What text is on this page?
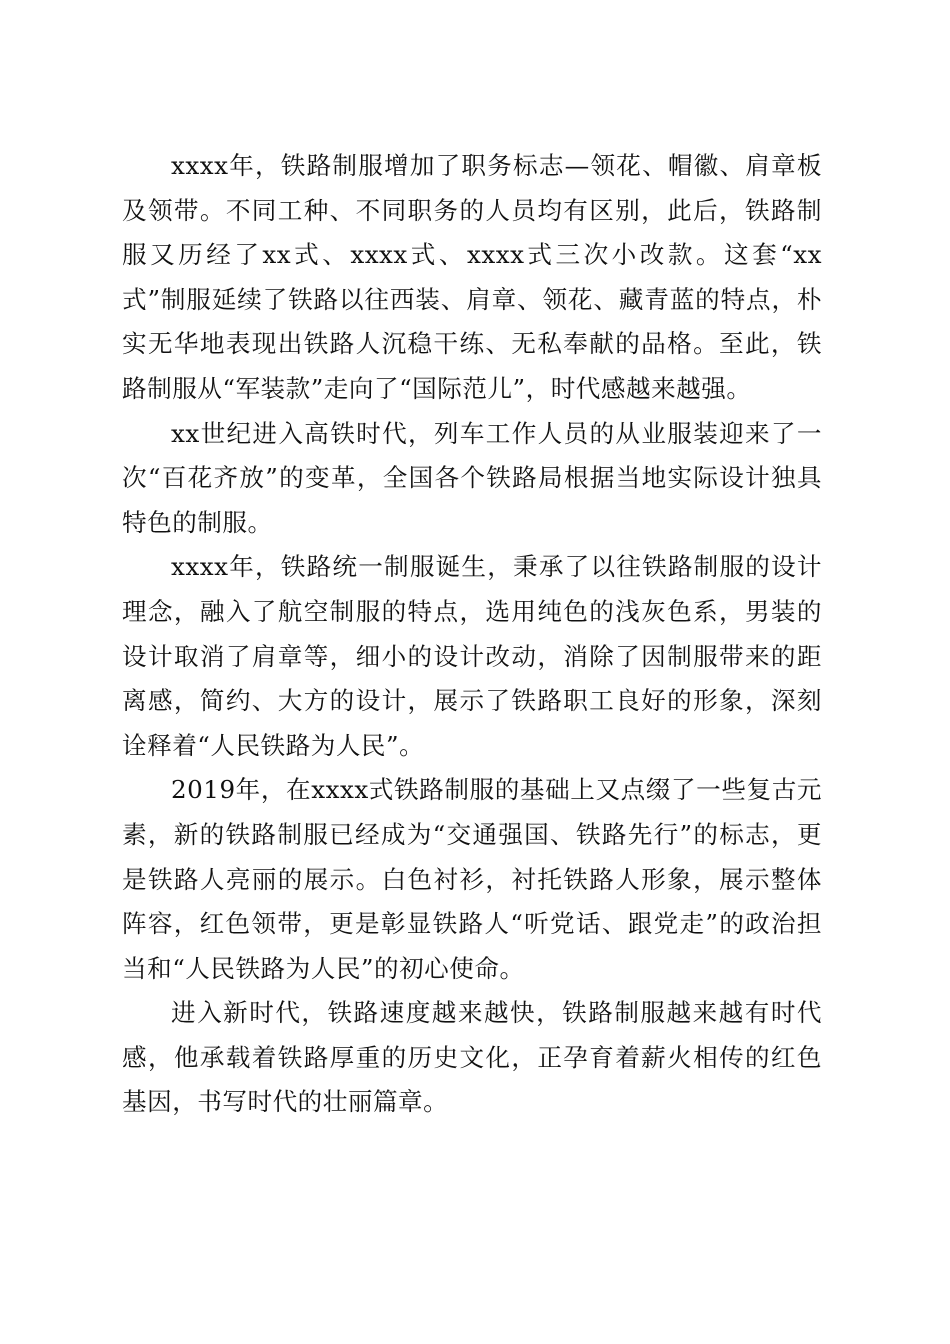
xxxx年，铁路制服增加了职务标志—领花、帽徽、肩章板及领带。不同工种、不同职务的人员均有区别，此后，铁路制服又历经了xx式、xxxx式、xxxx式三次小改款。这套“xx式”制服延续了铁路以往西装、肩章、领花、藏青蓝的特点，朴实无华地表现出铁路人沉稳干练、无私奉献的品格。至此，铁路制服从“军装款”走向了“国际范儿”，时代感越来越强。

xx世纪进入高铁时代，列车工作人员的从业服装迎来了一次“百花齐放”的变革，全国各个铁路局根据当地实际设计独具特色的制服。

xxxx年，铁路统一制服诞生，秉承了以往铁路制服的设计理念，融入了航空制服的特点，选用纯色的浅灰色系，男装的设计取消了肩章等，细小的设计改动，消除了因制服带来的距离感，简约、大方的设计，展示了铁路职工良好的形象，深刻诠释着“人民铁路为人民”。

2019年，在xxxx式铁路制服的基础上又点缀了一些复古元素，新的铁路制服已经成为“交通强国、铁路先行”的标志，更是铁路人亮丽的展示。白色衬衫，衬托铁路人形象，展示整体阵容，红色领带，更是彰显铁路人“听党话、跟党走”的政治担当和“人民铁路为人民”的初心使命。

进入新时代，铁路速度越来越快，铁路制服越来越有时代感，他承载着铁路厚重的历史文化，正孕育着薪火相传的红色基因，书写时代的壮丽篇章。
